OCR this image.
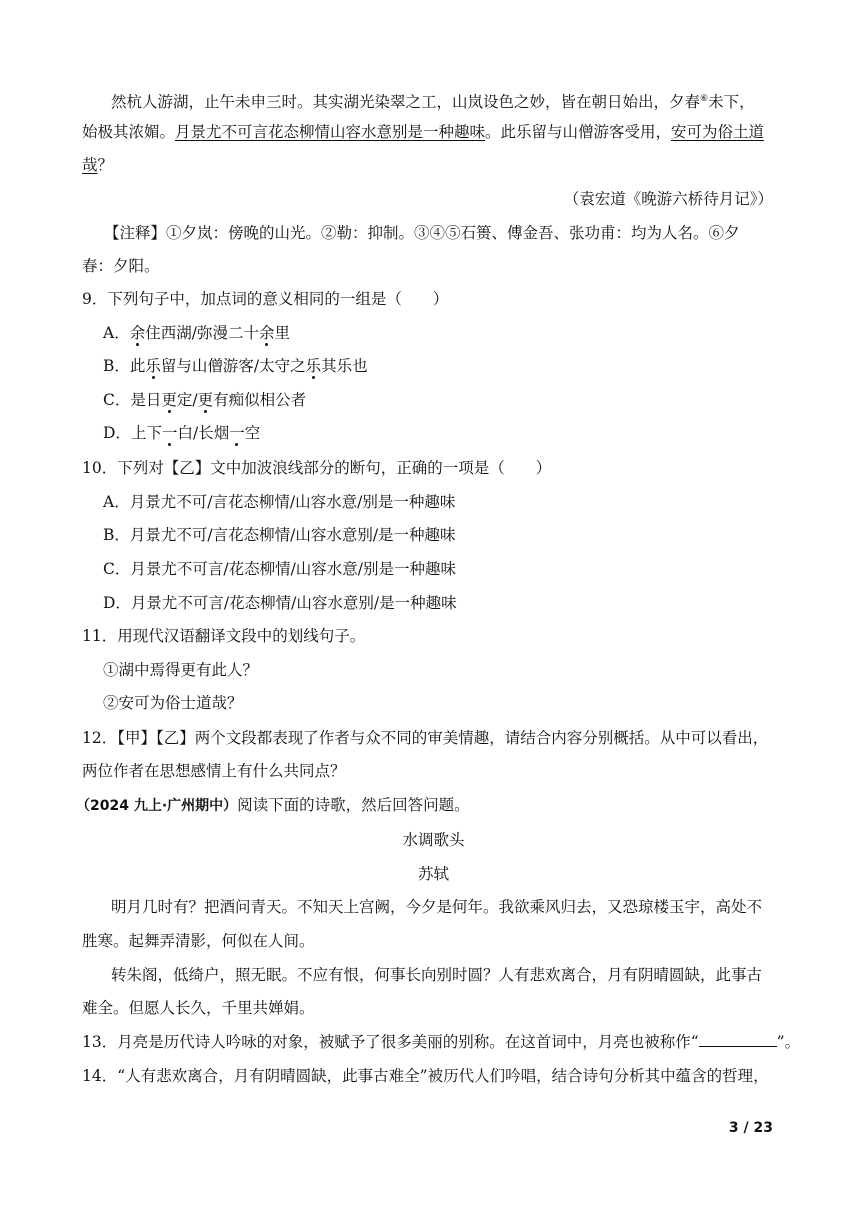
然杭人游湖，止午未申三时。其实湖光染翠之工，山岚设色之妙，皆在朝日始出，夕春⑥未下，
始极其浓媚。月景尤不可言花态柳情山容水意别是一种趣味。此乐留与山僧游客受用，安可为俗土道
哉？
（袁宏道《晚游六桥待月记》）
【注释】①夕岚：傍晚的山光。②勒：抑制。③④⑤石篑、傅金吾、张功甫：均为人名。⑥夕
春：夕阳。
9．下列句子中，加点词的意义相同的一组是（　　）
A．余住西湖/弥漫二十余里
B．此乐留与山僧游客/太守之乐其乐也
C．是日更定/更有痴似相公者
D．上下一白/长烟一空
10．下列对【乙】文中加波浪线部分的断句，正确的一项是（　　）
A．月景尤不可/言花态柳情/山容水意/别是一种趣味
B．月景尤不可/言花态柳情/山容水意别/是一种趣味
C．月景尤不可言/花态柳情/山容水意/别是一种趣味
D．月景尤不可言/花态柳情/山容水意别/是一种趣味
11．用现代汉语翻译文段中的划线句子。
①湖中焉得更有此人？
②安可为俗士道哉？
12．【甲】【乙】两个文段都表现了作者与众不同的审美情趣，请结合内容分别概括。从中可以看出，
两位作者在思想感情上有什么共同点？
（2024 九上·广州期中）阅读下面的诗歌，然后回答问题。
水调歌头
苏轼
明月几时有？把酒问青天。不知天上宫阙，今夕是何年。我欲乘风归去，又恐琼楼玉宇，高处不
胜寒。起舞弄清影，何似在人间。
转朱阁，低绮户，照无眠。不应有恨，何事长向别时圆？人有悲欢离合，月有阴晴圆缺，此事古
难全。但愿人长久，千里共婵娟。
13．月亮是历代诗人吟咏的对象，被赋予了很多美丽的别称。在这首词中，月亮也被称作“	”。
14．“人有悲欢离合，月有阴晴圆缺，此事古难全”被历代人们吟唱，结合诗句分析其中蕴含的哲理，
3 / 23
